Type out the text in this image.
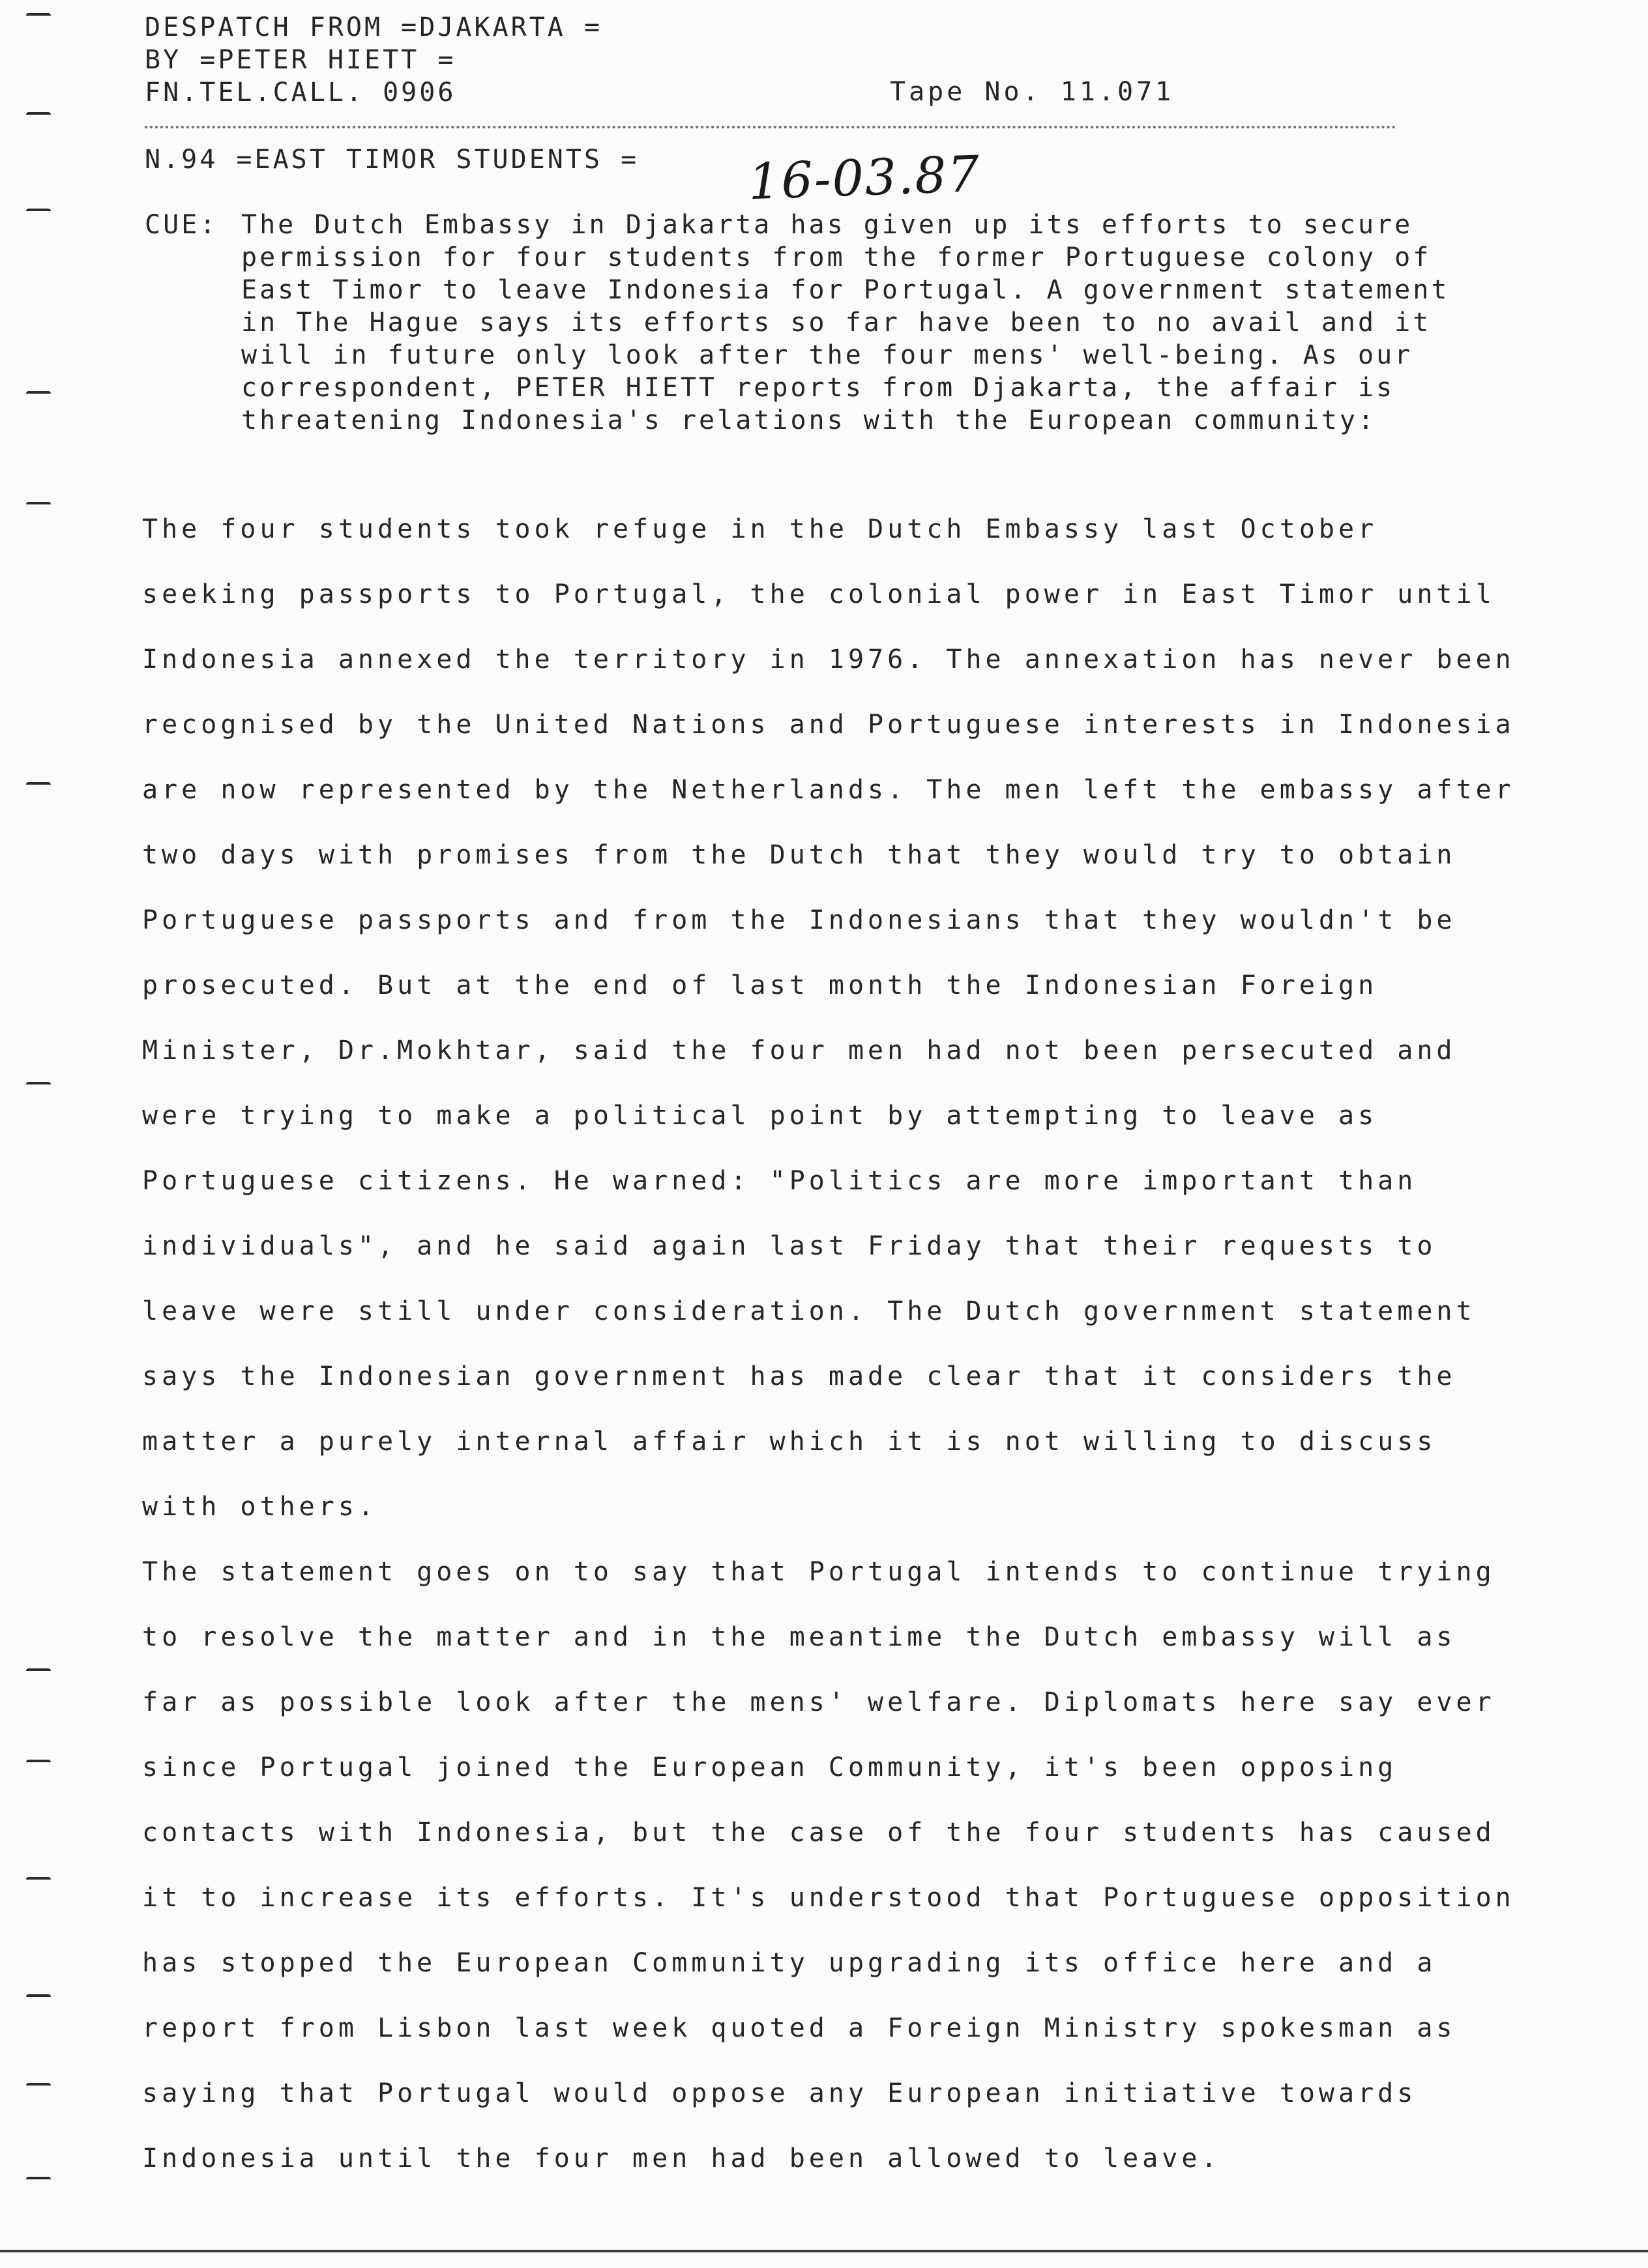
DESPATCH FROM =DJAKARTA =
BY =PETER HIETT =
FN.TEL.CALL. 0906	Tape No. 11.071
N.94 =EAST TIMOR STUDENTS = 16-03.87
CUE: The Dutch Embassy in Djakarta has given up its efforts to secure permission for four students from the former Portuguese colony of East Timor to leave Indonesia for Portugal. A government statement in The Hague says its efforts so far have been to no avail and it will in future only look after the four mens' well-being. As our correspondent, PETER HIETT reports from Djakarta, the affair is threatening Indonesia's relations with the European community:

The four students took refuge in the Dutch Embassy last October seeking passports to Portugal, the colonial power in East Timor until Indonesia annexed the territory in 1976. The annexation has never been recognised by the United Nations and Portuguese interests in Indonesia are now represented by the Netherlands. The men left the embassy after two days with promises from the Dutch that they would try to obtain Portuguese passports and from the Indonesians that they wouldn't be prosecuted. But at the end of last month the Indonesian Foreign Minister, Dr.Mokhtar, said the four men had not been persecuted and were trying to make a political point by attempting to leave as Portuguese citizens. He warned: "Politics are more important than individuals", and he said again last Friday that their requests to leave were still under consideration. The Dutch government statement says the Indonesian government has made clear that it considers the matter a purely internal affair which it is not willing to discuss with others.

The statement goes on to say that Portugal intends to continue trying to resolve the matter and in the meantime the Dutch embassy will as far as possible look after the mens' welfare. Diplomats here say ever since Portugal joined the European Community, it's been opposing contacts with Indonesia, but the case of the four students has caused it to increase its efforts. It's understood that Portuguese opposition has stopped the European Community upgrading its office here and a report from Lisbon last week quoted a Foreign Ministry spokesman as saying that Portugal would oppose any European initiative towards Indonesia until the four men had been allowed to leave.
